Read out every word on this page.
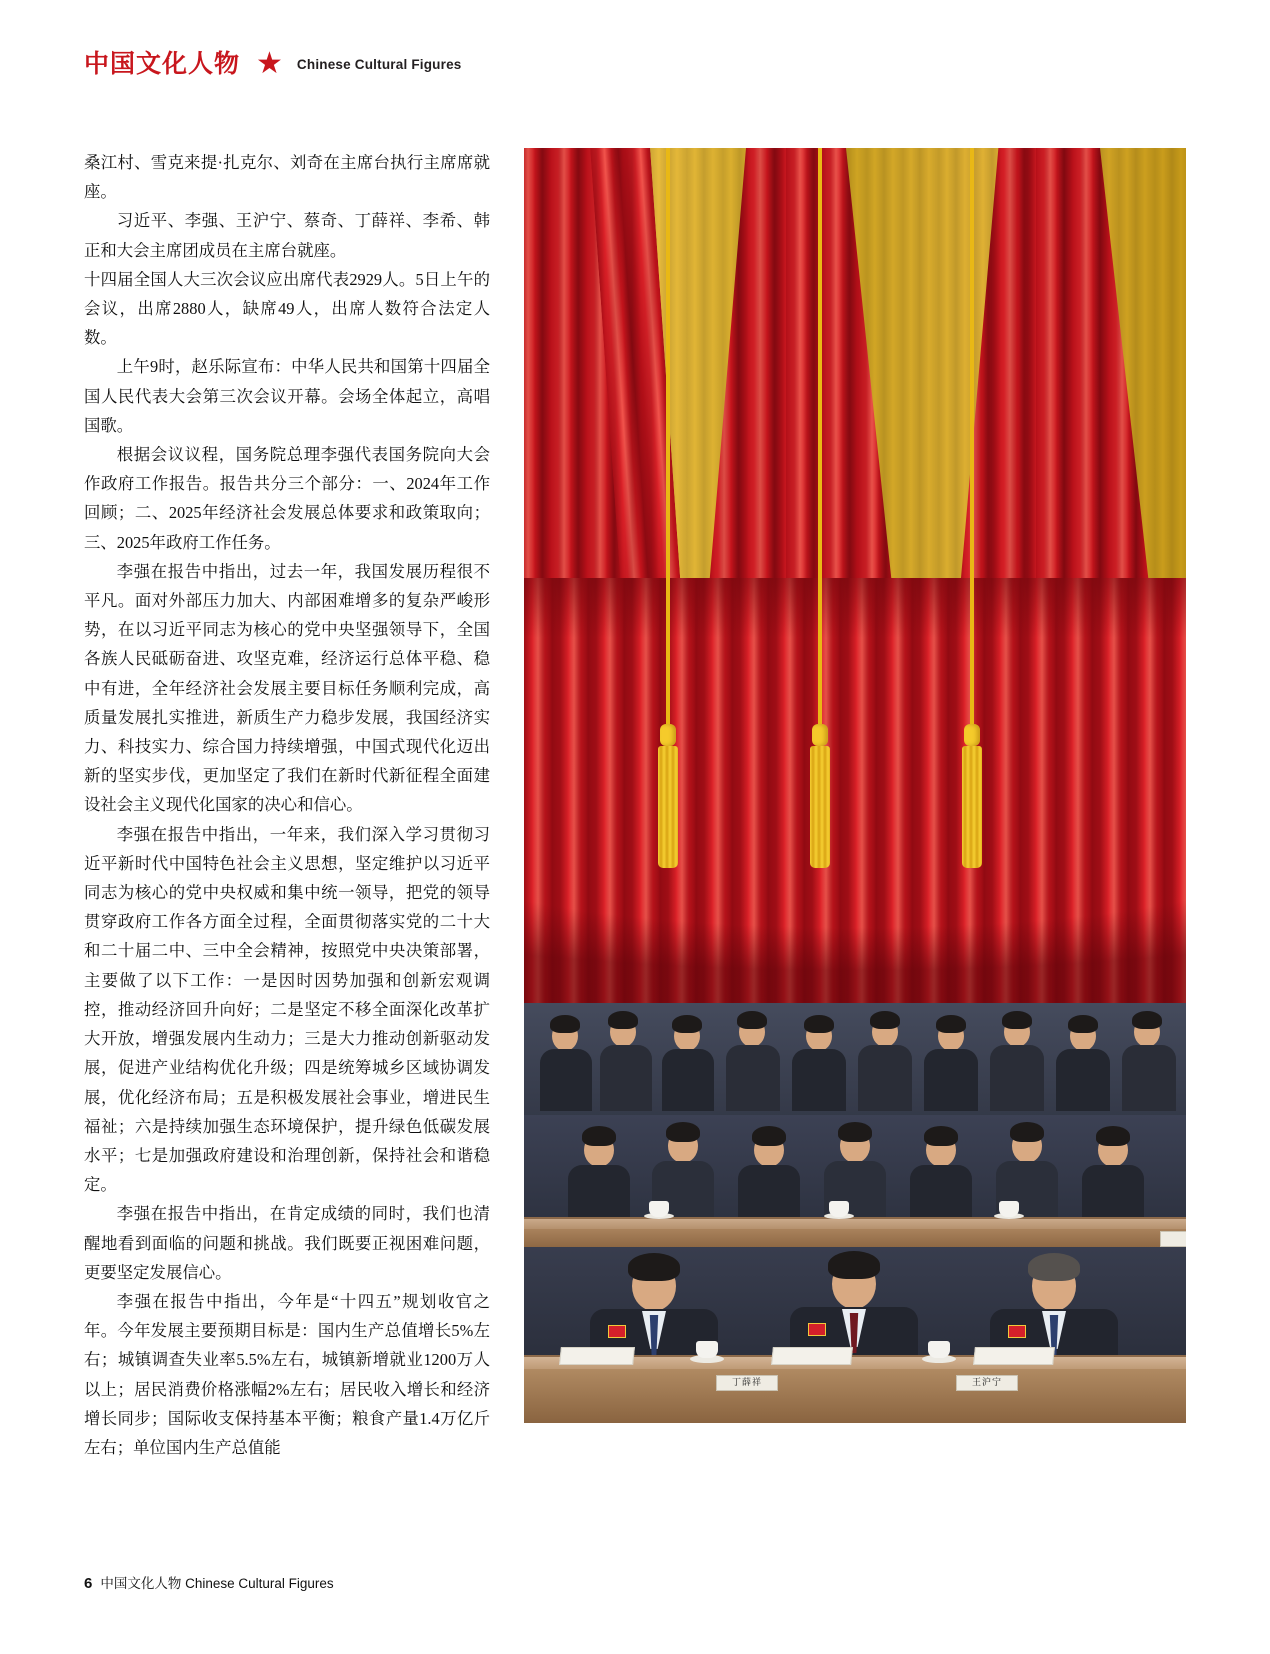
中国文化人物 ★ Chinese Cultural Figures

桑江村、雪克来提·扎克尔、刘奇在主席台执行主席席就座。

习近平、李强、王沪宁、蔡奇、丁薛祥、李希、韩正和大会主席团成员在主席台就座。

十四届全国人大三次会议应出席代表2929人。5日上午的会议，出席2880人，缺席49人，出席人数符合法定人数。

上午9时，赵乐际宣布：中华人民共和国第十四届全国人民代表大会第三次会议开幕。会场全体起立，高唱国歌。

根据会议议程，国务院总理李强代表国务院向大会作政府工作报告。报告共分三个部分：一、2024年工作回顾；二、2025年经济社会发展总体要求和政策取向；三、2025年政府工作任务。

李强在报告中指出，过去一年，我国发展历程很不平凡。面对外部压力加大、内部困难增多的复杂严峻形势，在以习近平同志为核心的党中央坚强领导下，全国各族人民砥砺奋进、攻坚克难，经济运行总体平稳、稳中有进，全年经济社会发展主要目标任务顺利完成，高质量发展扎实推进，新质生产力稳步发展，我国经济实力、科技实力、综合国力持续增强，中国式现代化迈出新的坚实步伐，更加坚定了我们在新时代新征程全面建设社会主义现代化国家的决心和信心。

李强在报告中指出，一年来，我们深入学习贯彻习近平新时代中国特色社会主义思想，坚定维护以习近平同志为核心的党中央权威和集中统一领导，把党的领导贯穿政府工作各方面全过程，全面贯彻落实党的二十大和二十届二中、三中全会精神，按照党中央决策部署，主要做了以下工作：一是因时因势加强和创新宏观调控，推动经济回升向好；二是坚定不移全面深化改革扩大开放，增强发展内生动力；三是大力推动创新驱动发展，促进产业结构优化升级；四是统筹城乡区域协调发展，优化经济布局；五是积极发展社会事业，增进民生福祉；六是持续加强生态环境保护，提升绿色低碳发展水平；七是加强政府建设和治理创新，保持社会和谐稳定。

李强在报告中指出，在肯定成绩的同时，我们也清醒地看到面临的问题和挑战。我们既要正视困难问题，更要坚定发展信心。

李强在报告中指出，今年是“十四五”规划收官之年。今年发展主要预期目标是：国内生产总值增长5%左右；城镇调查失业率5.5%左右，城镇新增就业1200万人以上；居民消费价格涨幅2%左右；居民收入增长和经济增长同步；国际收支保持基本平衡；粮食产量1.4万亿斤左右；单位国内生产总值能

丁薛祥	王沪宁
6 中国文化人物 Chinese Cultural Figures
